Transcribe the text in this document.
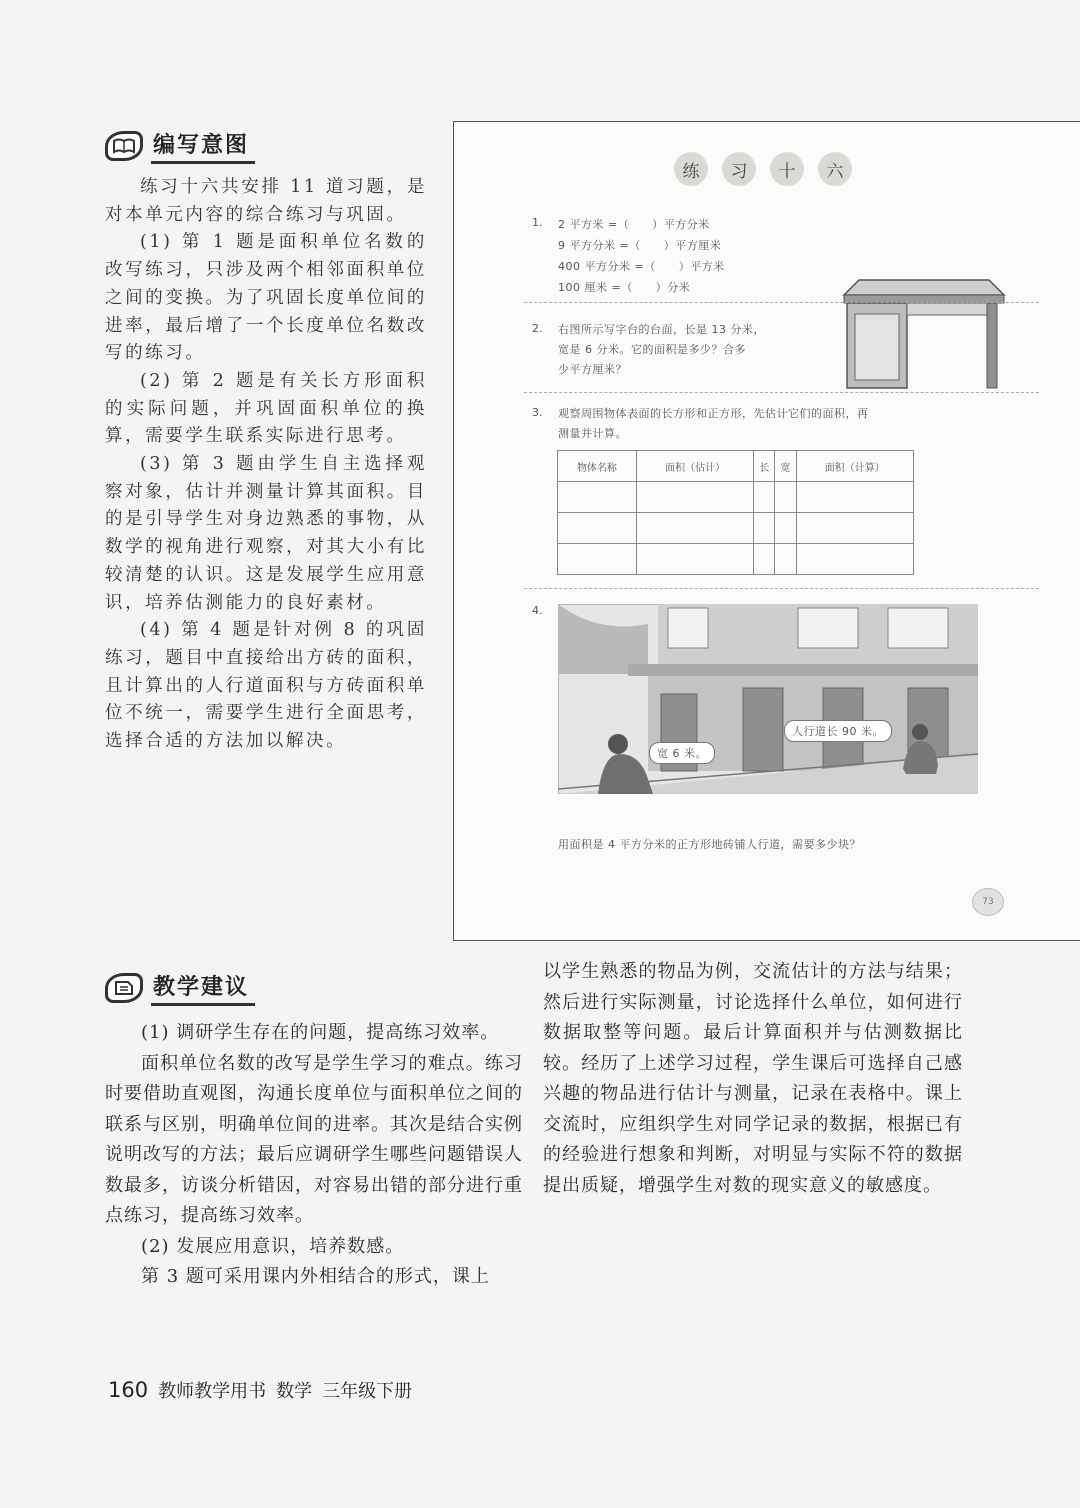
编写意图

练习十六共安排 11 道习题，是对本单元内容的综合练习与巩固。

(1) 第 1 题是面积单位名数的改写练习，只涉及两个相邻面积单位之间的变换。为了巩固长度单位间的进率，最后增了一个长度单位名数改写的练习。

(2) 第 2 题是有关长方形面积的实际问题，并巩固面积单位的换算，需要学生联系实际进行思考。

(3) 第 3 题由学生自主选择观察对象，估计并测量计算其面积。目的是引导学生对身边熟悉的事物，从数学的视角进行观察，对其大小有比较清楚的认识。这是发展学生应用意识，培养估测能力的良好素材。

(4) 第 4 题是针对例 8 的巩固练习，题目中直接给出方砖的面积，且计算出的人行道面积与方砖面积单位不统一，需要学生进行全面思考，选择合适的方法加以解决。

练	习	十	六
1. 2 平方米 =（　　）平方分米
9 平方分米 =（　　）平方厘米
400 平方分米 =（　　）平方米
100 厘米 =（　　）分米
2. 右图所示写字台的台面，长是 13 分米，
宽是 6 分米。它的面积是多少？合多
少平方厘米？
3. 观察周围物体表面的长方形和正方形，先估计它们的面积，再
测量并计算。
物体名称	面积（估计）	长	宽	面积（计算）

4.
宽 6 米。
人行道长 90 米。
用面积是 4 平方分米的正方形地砖铺人行道，需要多少块？
73
教学建议

(1) 调研学生存在的问题，提高练习效率。

面积单位名数的改写是学生学习的难点。练习时要借助直观图，沟通长度单位与面积单位之间的联系与区别，明确单位间的进率。其次是结合实例说明改写的方法；最后应调研学生哪些问题错误人数最多，访谈分析错因，对容易出错的部分进行重点练习，提高练习效率。

(2) 发展应用意识，培养数感。

第 3 题可采用课内外相结合的形式，课上

以学生熟悉的物品为例，交流估计的方法与结果；然后进行实际测量，讨论选择什么单位，如何进行数据取整等问题。最后计算面积并与估测数据比较。经历了上述学习过程，学生课后可选择自己感兴趣的物品进行估计与测量，记录在表格中。课上交流时，应组织学生对同学记录的数据，根据已有的经验进行想象和判断，对明显与实际不符的数据提出质疑，增强学生对数的现实意义的敏感度。

160 教师教学用书 数学 三年级下册
